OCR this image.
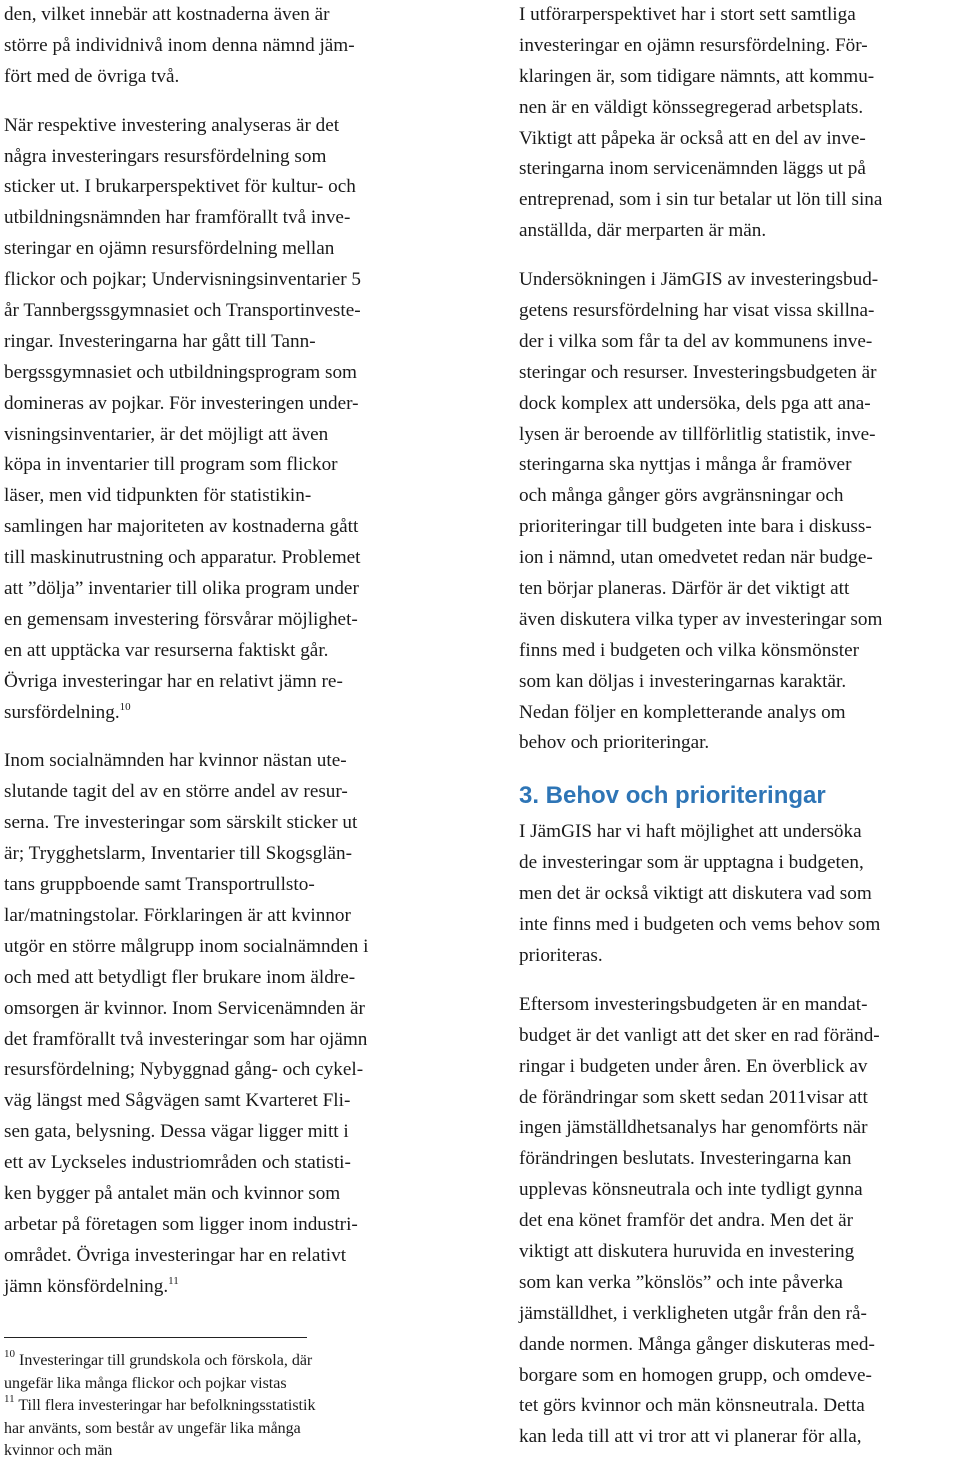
den, vilket innebär att kostnaderna även är
större på individnivå inom denna nämnd jäm-
fört med de övriga två.
När respektive investering analyseras är det
några investeringars resursfördelning som
sticker ut. I brukarperspektivet för kultur- och
utbildningsnämnden har framförallt två inve-
steringar en ojämn resursfördelning mellan
flickor och pojkar; Undervisningsinventarier 5
år Tannbergssgymnasiet och Transportinveste-
ringar. Investeringarna har gått till Tann-
bergssgymnasiet och utbildningsprogram som
domineras av pojkar. För investeringen under-
visningsinventarier, är det möjligt att även
köpa in inventarier till program som flickor
läser, men vid tidpunkten för statistikin-
samlingen har majoriteten av kostnaderna gått
till maskinutrustning och apparatur. Problemet
att ”dölja” inventarier till olika program under
en gemensam investering försvårar möjlighet-
en att upptäcka var resurserna faktiskt går.
Övriga investeringar har en relativt jämn re-
sursfördelning.$^{10}$
Inom socialnämnden har kvinnor nästan ute-
slutande tagit del av en större andel av resur-
serna. Tre investeringar som särskilt sticker ut
är; Trygghetslarm, Inventarier till Skogsglän-
tans gruppboende samt Transportrullsto-
lar/matningstolar. Förklaringen är att kvinnor
utgör en större målgrupp inom socialnämnden i
och med att betydligt fler brukare inom äldre-
omsorgen är kvinnor. Inom Servicenämnden är
det framförallt två investeringar som har ojämn
resursfördelning; Nybyggnad gång- och cykel-
väg längst med Sågvägen samt Kvarteret Fli-
sen gata, belysning. Dessa vägar ligger mitt i
ett av Lyckseles industriområden och statisti-
ken bygger på antalet män och kvinnor som
arbetar på företagen som ligger inom industri-
området. Övriga investeringar har en relativt
jämn könsfördelning.$^{11}$
$^{10}$ Investeringar till grundskola och förskola, där
ungefär lika många flickor och pojkar vistas
$^{11}$ Till flera investeringar har befolkningsstatistik
har använts, som består av ungefär lika många
kvinnor och män
I utförarperspektivet har i stort sett samtliga
investeringar en ojämn resursfördelning. För-
klaringen är, som tidigare nämnts, att kommu-
nen är en väldigt könssegregerad arbetsplats.
Viktigt att påpeka är också att en del av inve-
steringarna inom servicenämnden läggs ut på
entreprenad, som i sin tur betalar ut lön till sina
anställda, där merparten är män.
Undersökningen i JämGIS av investeringsbud-
getens resursfördelning har visat vissa skillna-
der i vilka som får ta del av kommunens inve-
steringar och resurser. Investeringsbudgeten är
dock komplex att undersöka, dels pga att ana-
lysen är beroende av tillförlitlig statistik, inve-
steringarna ska nyttjas i många år framöver
och många gånger görs avgränsningar och
prioriteringar till budgeten inte bara i diskuss-
ion i nämnd, utan omedvetet redan när budge-
ten börjar planeras. Därför är det viktigt att
även diskutera vilka typer av investeringar som
finns med i budgeten och vilka könsmönster
som kan döljas i investeringarnas karaktär.
Nedan följer en kompletterande analys om
behov och prioriteringar.
3. Behov och prioriteringar
I JämGIS har vi haft möjlighet att undersöka
de investeringar som är upptagna i budgeten,
men det är också viktigt att diskutera vad som
inte finns med i budgeten och vems behov som
prioriteras.
Eftersom investeringsbudgeten är en mandat-
budget är det vanligt att det sker en rad föränd-
ringar i budgeten under åren. En överblick av
de förändringar som skett sedan 2011visar att
ingen jämställdhetsanalys har genomförts när
förändringen beslutats. Investeringarna kan
upplevas könsneutrala och inte tydligt gynna
det ena könet framför det andra. Men det är
viktigt att diskutera huruvida en investering
som kan verka ”könslös” och inte påverka
jämställdhet, i verkligheten utgår från den rå-
dande normen. Många gånger diskuteras med-
borgare som en homogen grupp, och omdeve-
tet görs kvinnor och män könsneutrala. Detta
kan leda till att vi tror att vi planerar för alla,
